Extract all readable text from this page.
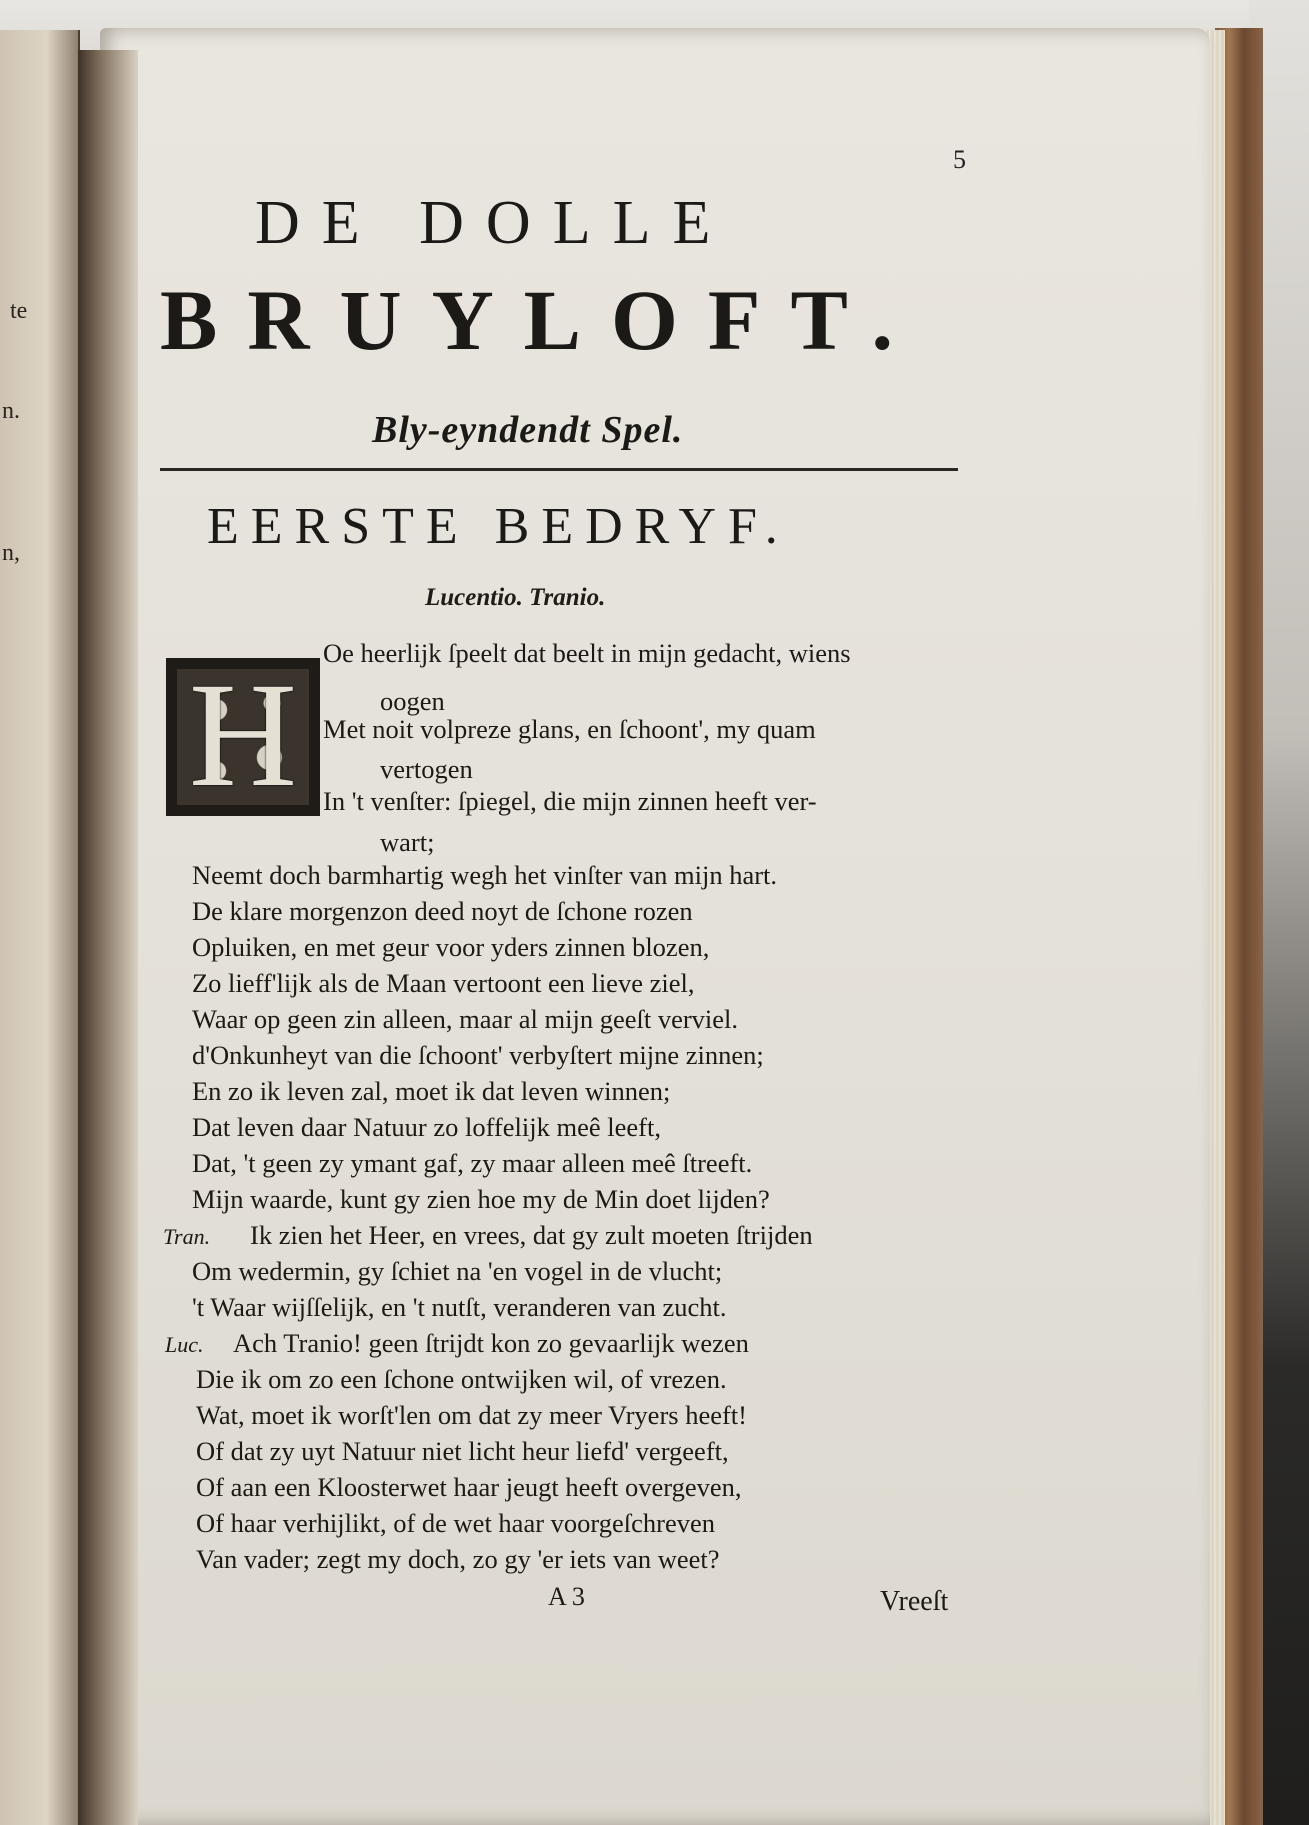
te
n.
n,
5
DE DOLLE
BRUYLOFT.
Bly-eyndendt Spel.
EERSTE BEDRYF.
Lucentio. Tranio.
H Oe heerlijk ſpeelt dat beelt in mijn gedacht, wiens
oogen
Met noit volpreze glans, en ſchoont', my quam
vertogen
In 't venſter: ſpiegel, die mijn zinnen heeft ver-
wart;
Neemt doch barmhartig wegh het vinſter van mijn hart.
De klare morgenzon deed noyt de ſchone rozen
Opluiken, en met geur voor yders zinnen blozen,
Zo lieff'lijk als de Maan vertoont een lieve ziel,
Waar op geen zin alleen, maar al mijn geeſt verviel.
d'Onkunheyt van die ſchoont' verbyſtert mijne zinnen;
En zo ik leven zal, moet ik dat leven winnen;
Dat leven daar Natuur zo loffelijk meê leeft,
Dat, 't geen zy ymant gaf, zy maar alleen meê ſtreeft.
Mijn waarde, kunt gy zien hoe my de Min doet lijden?
Tran. Ik zien het Heer, en vrees, dat gy zult moeten ſtrijden
Om wedermin, gy ſchiet na 'en vogel in de vlucht;
't Waar wijſſelijk, en 't nutſt, veranderen van zucht.
Luc. Ach Tranio! geen ſtrijdt kon zo gevaarlijk wezen
Die ik om zo een ſchone ontwijken wil, of vrezen.
Wat, moet ik worſt'len om dat zy meer Vryers heeft!
Of dat zy uyt Natuur niet licht heur liefd' vergeeft,
Of aan een Kloosterwet haar jeugt heeft overgeven,
Of haar verhijlikt, of de wet haar voorgeſchreven
Van vader; zegt my doch, zo gy 'er iets van weet?
A 3	Vreeſt
